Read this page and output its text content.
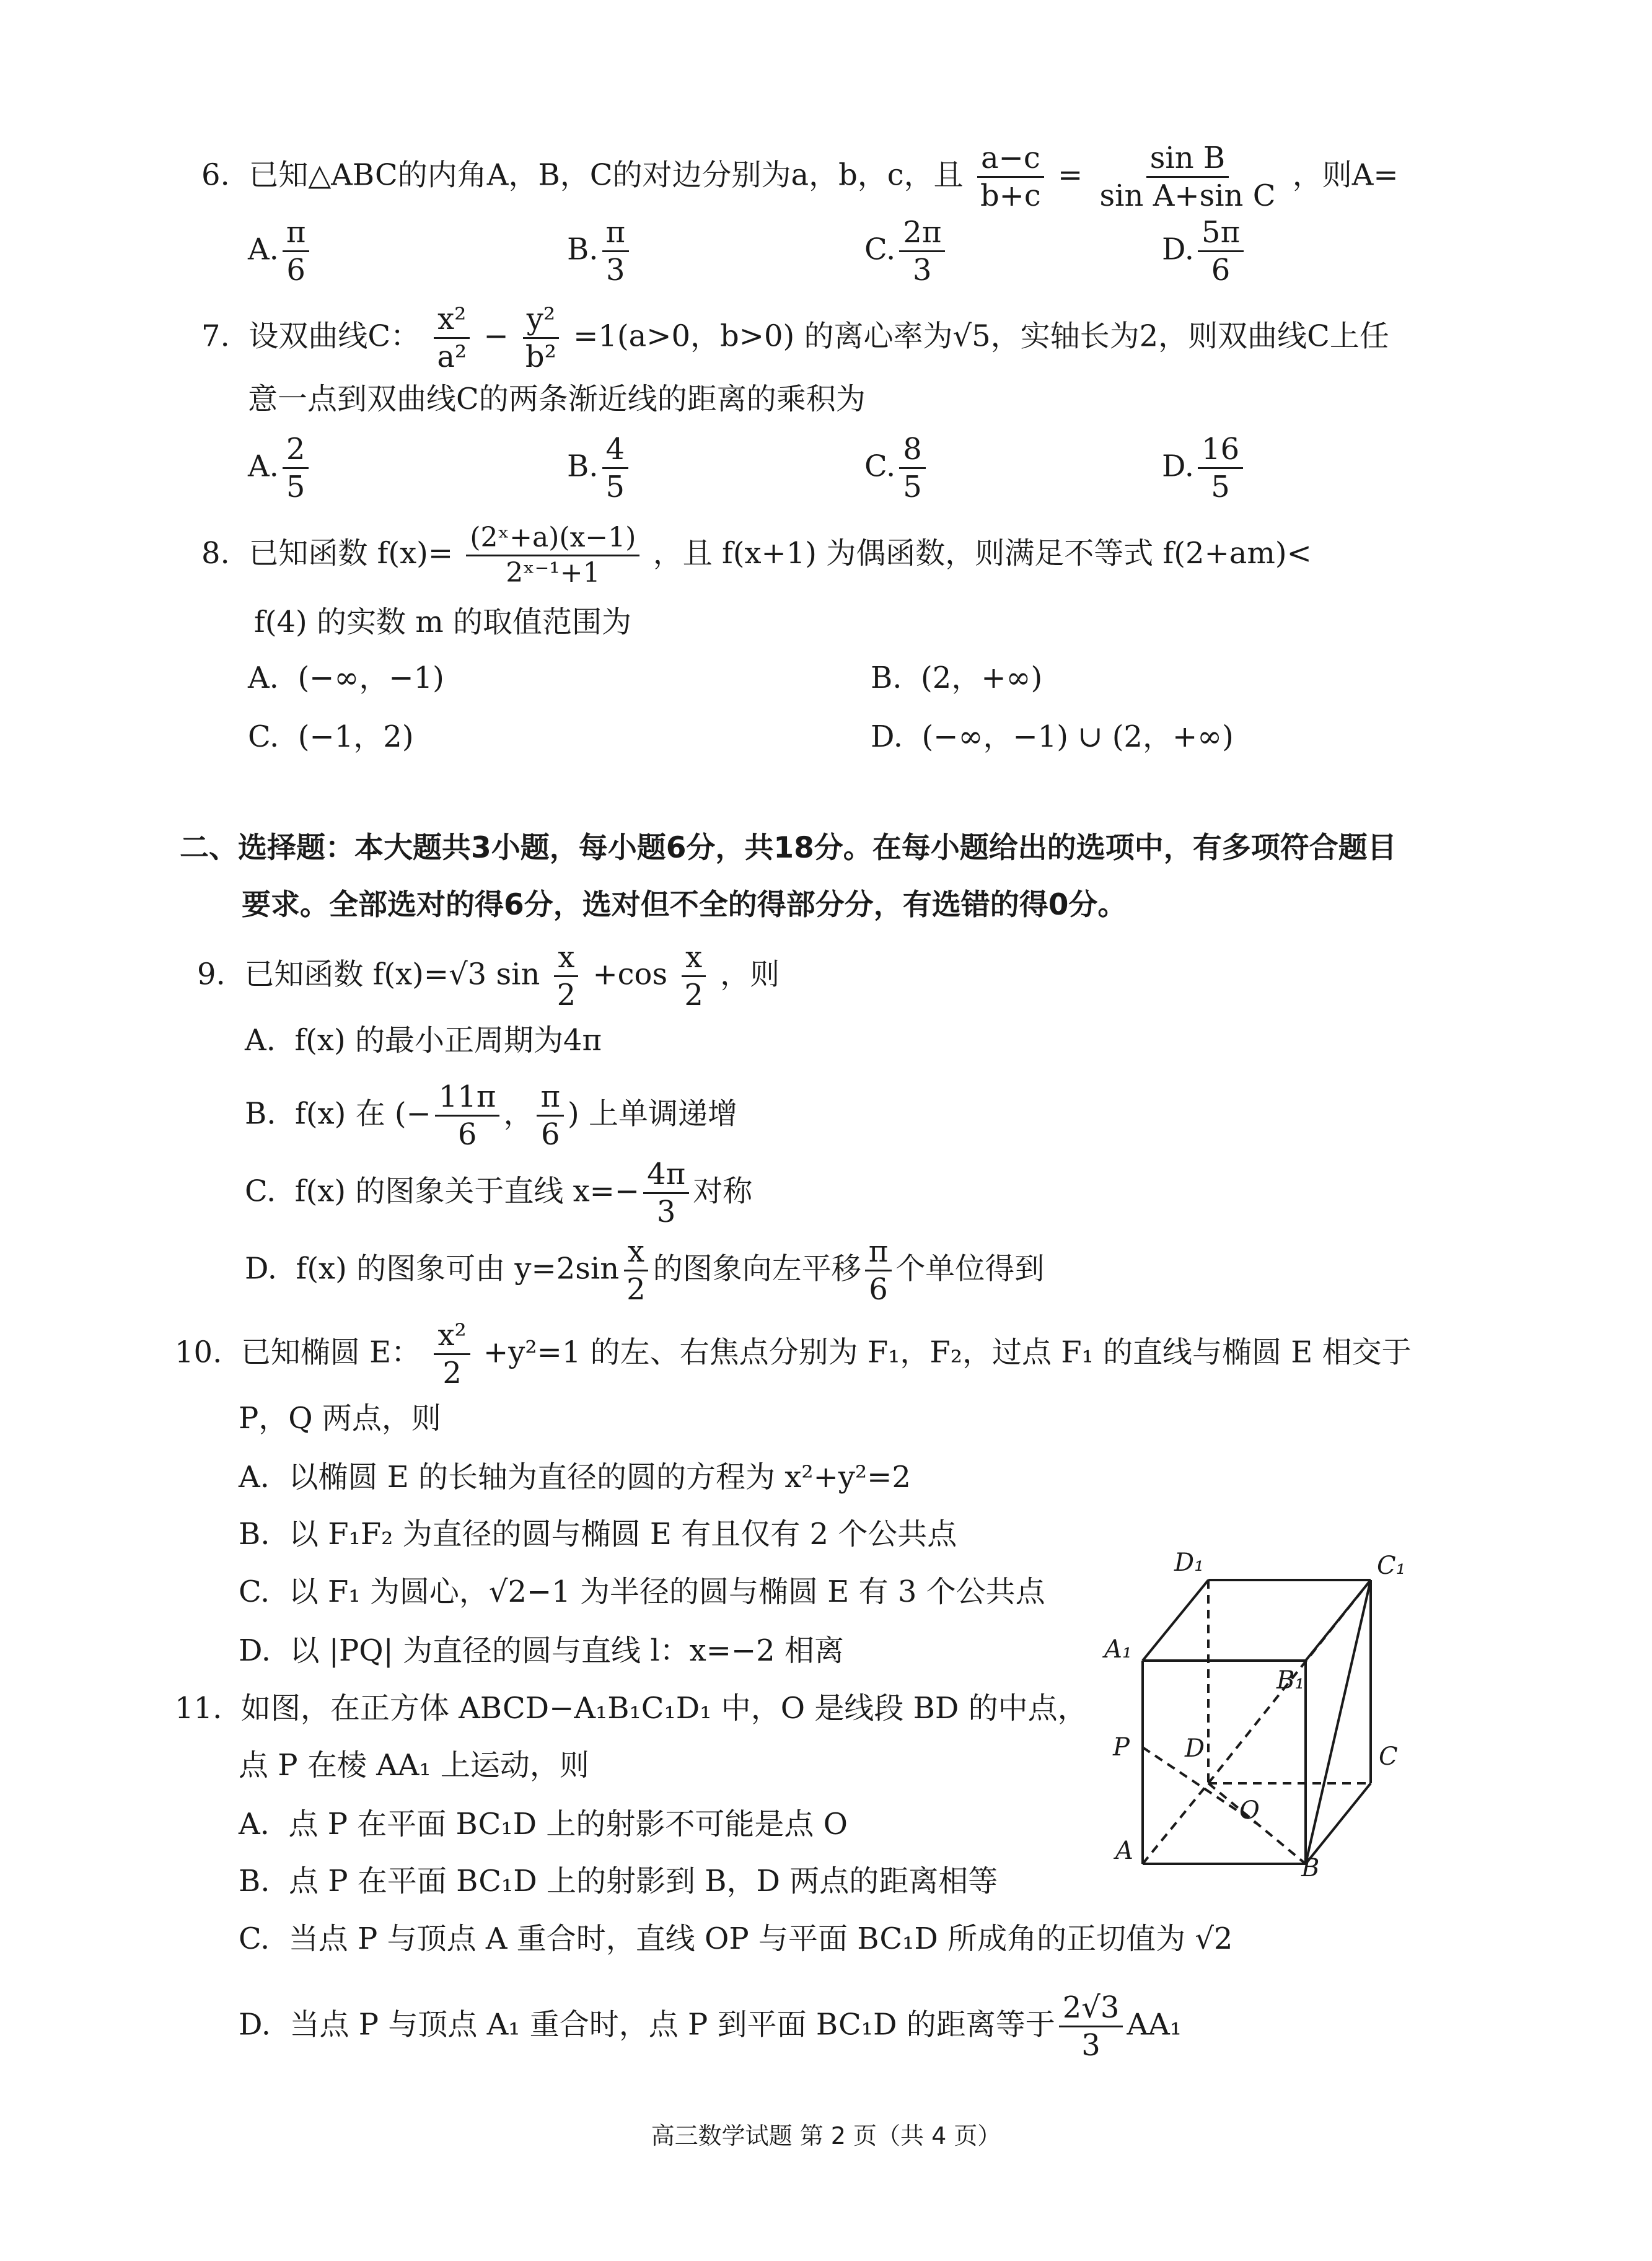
6. 已知△ABC的内角A，B，C的对边分别为a，b，c，且 $\frac{a-c}{b+c} = \frac{\text{sin B}}{\text{sin A+sin C}}$ ，则A=
A. $\frac{\pi}{6}$	B. $\frac{\pi}{3}$	C. $\frac{2\pi}{3}$	D. $\frac{5\pi}{6}$
7. 设双曲线C： $\frac{\text{x²}}{\text{a²}} - \frac{\text{y²}}{\text{b²}} =1(a>0$，b>0) 的离心率为√5，实轴长为2，则双曲线C上任
意一点到双曲线C的两条渐近线的距离的乘积为
A. $\frac{2}{5}$	B. $\frac{4}{5}$	C. $\frac{8}{5}$	D. $\frac{16}{5}$
8. 已知函数 $f(x)= \frac{\text{(2ˣ+a)(x−1)}}{\text{2ˣ⁻¹+1}}$ ，且 f(x+1) 为偶函数，则满足不等式 f(2+am)<
f(4) 的实数 m 的取值范围为
A. (−∞，−1)	B. (2，+∞)
C. (−1，2)	D. (−∞，−1) ∪ (2，+∞)
二、选择题：本大题共3小题，每小题6分，共18分。在每小题给出的选项中，有多项符合题目
要求。全部选对的得6分，选对但不全的得部分分，有选错的得0分。
9. 已知函数 f(x)=√3 $\sin \frac{x}{2} +\cos \frac{x}{2}$ ，则
A. f(x) 的最小正周期为4π
B. f(x) 在 (− $\frac{11\pi}{6}$ ， $\frac{\pi}{6}$ ) 上单调递增
C. f(x) 的图象关于直线 $x=- \frac{4\pi}{3}$ 对称
D. f(x) 的图象可由 $y=2\sin \frac{x}{2}$ 的图象向左平移 $\frac{\pi}{6}$ 个单位得到
10. 已知椭圆 E： $\frac{\text{x²}}{2} +y^2=1$ 的左、右焦点分别为 F₁，F₂，过点 F₁ 的直线与椭圆 E 相交于
P，Q 两点，则
A. 以椭圆 E 的长轴为直径的圆的方程为 x²+y²=2
B. 以 F₁F₂ 为直径的圆与椭圆 E 有且仅有 2 个公共点
C. 以 F₁ 为圆心，√2−1 为半径的圆与椭圆 E 有 3 个公共点
D. 以 |PQ| 为直径的圆与直线 l：x=−2 相离
11. 如图，在正方体 ABCD−A₁B₁C₁D₁ 中，O 是线段 BD 的中点，
点 P 在棱 AA₁ 上运动，则
A. 点 P 在平面 BC₁D 上的射影不可能是点 O
B. 点 P 在平面 BC₁D 上的射影到 B，D 两点的距离相等
C. 当点 P 与顶点 A 重合时，直线 OP 与平面 BC₁D 所成角的正切值为 √2
D. 当点 P 与顶点 A₁ 重合时，点 P 到平面 BC₁D 的距离等于 $\frac{2√3}{3} AA_1$
D₁	C₁
A₁
B₁
P D	C
O
A
B
高三数学试题 第 2 页（共 4 页）
